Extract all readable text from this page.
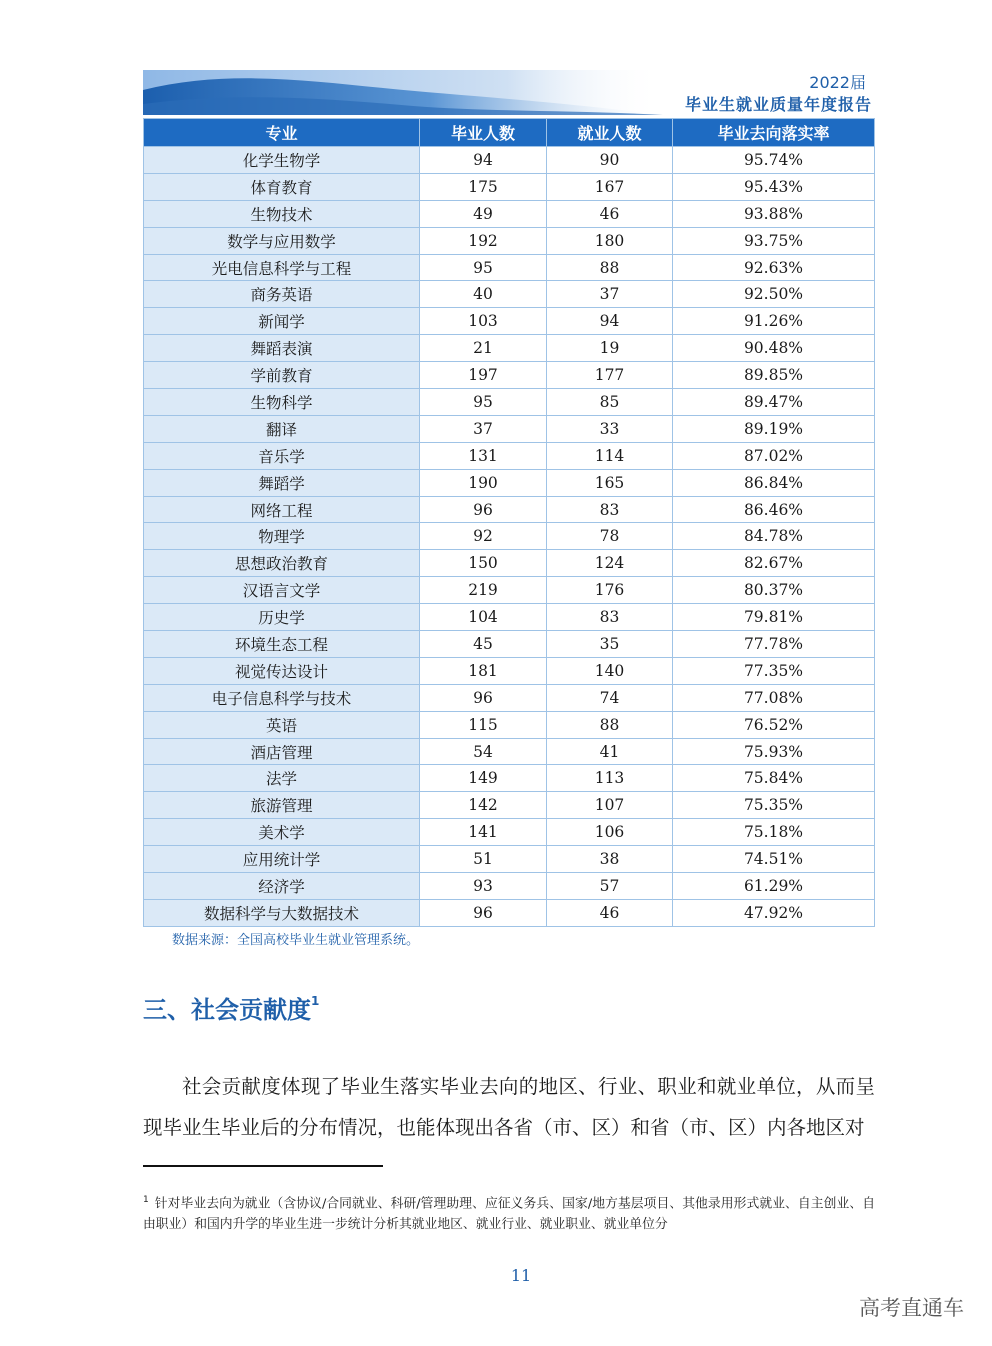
2022届
毕业生就业质量年度报告
专业	毕业人数	就业人数	毕业去向落实率
化学生物学	94	90	95.74%
体育教育	175	167	95.43%
生物技术	49	46	93.88%
数学与应用数学	192	180	93.75%
光电信息科学与工程	95	88	92.63%
商务英语	40	37	92.50%
新闻学	103	94	91.26%
舞蹈表演	21	19	90.48%
学前教育	197	177	89.85%
生物科学	95	85	89.47%
翻译	37	33	89.19%
音乐学	131	114	87.02%
舞蹈学	190	165	86.84%
网络工程	96	83	86.46%
物理学	92	78	84.78%
思想政治教育	150	124	82.67%
汉语言文学	219	176	80.37%
历史学	104	83	79.81%
环境生态工程	45	35	77.78%
视觉传达设计	181	140	77.35%
电子信息科学与技术	96	74	77.08%
英语	115	88	76.52%
酒店管理	54	41	75.93%
法学	149	113	75.84%
旅游管理	142	107	75.35%
美术学	141	106	75.18%
应用统计学	51	38	74.51%
经济学	93	57	61.29%
数据科学与大数据技术	96	46	47.92%
数据来源：全国高校毕业生就业管理系统。
三、社会贡献度$^1$
社会贡献度体现了毕业生落实毕业去向的地区、行业、职业和就业单位，从而呈现毕业生毕业后的分布情况，也能体现出各省（市、区）和省（市、区）内各地区对
$^1$ 针对毕业去向为就业（含协议/合同就业、科研/管理助理、应征义务兵、国家/地方基层项目、其他录用形式就业、自主创业、自由职业）和国内升学的毕业生进一步统计分析其就业地区、就业行业、就业职业、就业单位分
11
高考直通车
